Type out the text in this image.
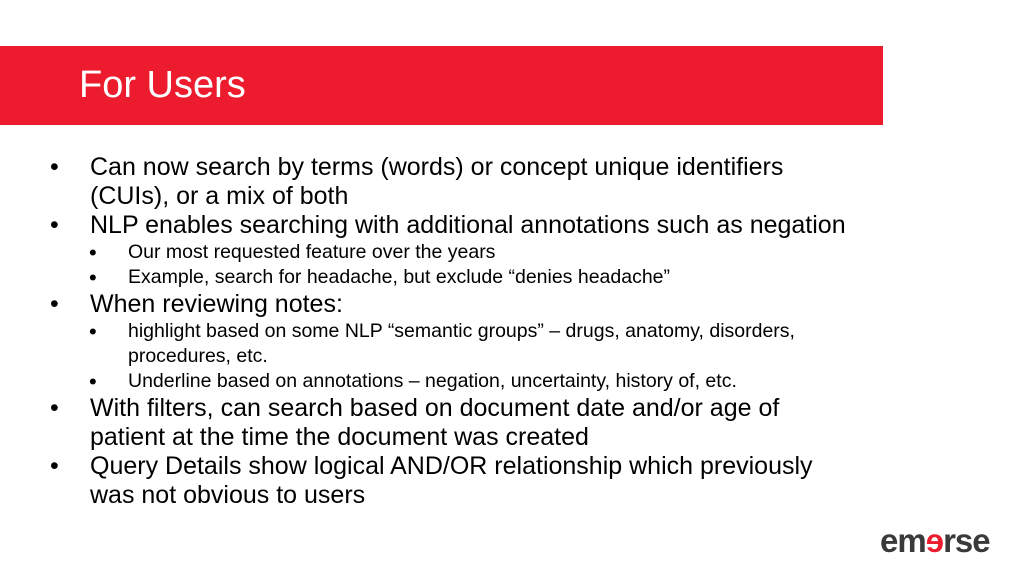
For Users
• Can now search by terms (words) or concept unique identifiers (CUIs), or a mix of both
• NLP enables searching with additional annotations such as negation
• Our most requested feature over the years
• Example, search for headache, but exclude “denies headache”
• When reviewing notes:
• highlight based on some NLP “semantic groups” – drugs, anatomy, disorders, procedures, etc.
• Underline based on annotations – negation, uncertainty, history of, etc.
• With filters, can search based on document date and/or age of patient at the time the document was created
• Query Details show logical AND/OR relationship which previously was not obvious to users
em ɘ rse
